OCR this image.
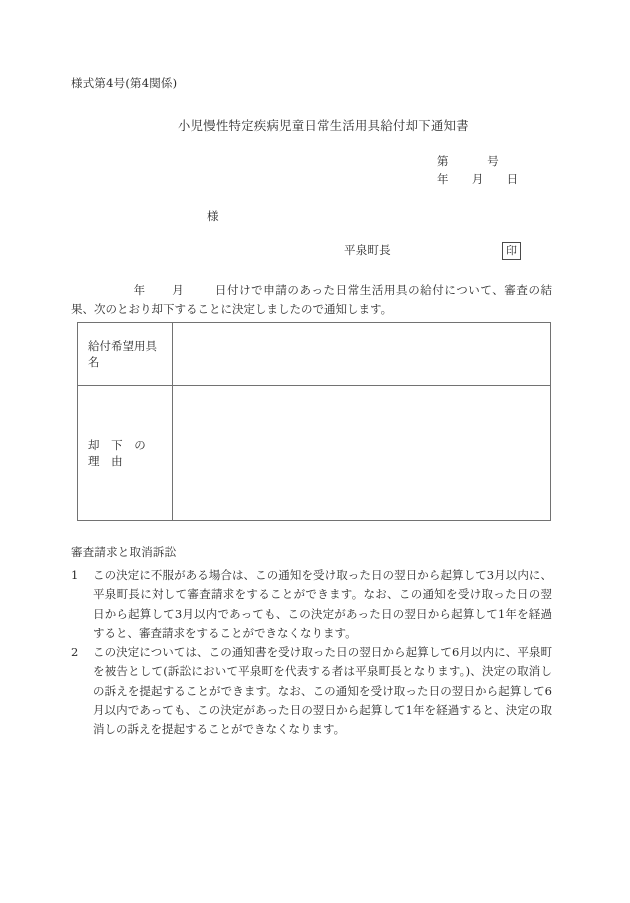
様式第4号(第4関係)
小児慢性特定疾病児童日常生活用具給付却下通知書
第          号
年      月      日
様
平泉町長	印
年 月	日付けで申請のあった日常生活用具の給付について、審査の結果、次のとおり却下することに決定しましたので通知します。
給付希望用具名	
却 下 の 理 由	
審査請求と取消訴訟
1 この決定に不服がある場合は、この通知を受け取った日の翌日から起算して3月以内に、平泉町長に対して審査請求をすることができます。なお、この通知を受け取った日の翌日から起算して3月以内であっても、この決定があった日の翌日から起算して1年を経過すると、審査請求をすることができなくなります。
2 この決定については、この通知書を受け取った日の翌日から起算して6月以内に、平泉町を被告として(訴訟において平泉町を代表する者は平泉町長となります。)、決定の取消しの訴えを提起することができます。なお、この通知を受け取った日の翌日から起算して6月以内であっても、この決定があった日の翌日から起算して1年を経過すると、決定の取消しの訴えを提起することができなくなります。
